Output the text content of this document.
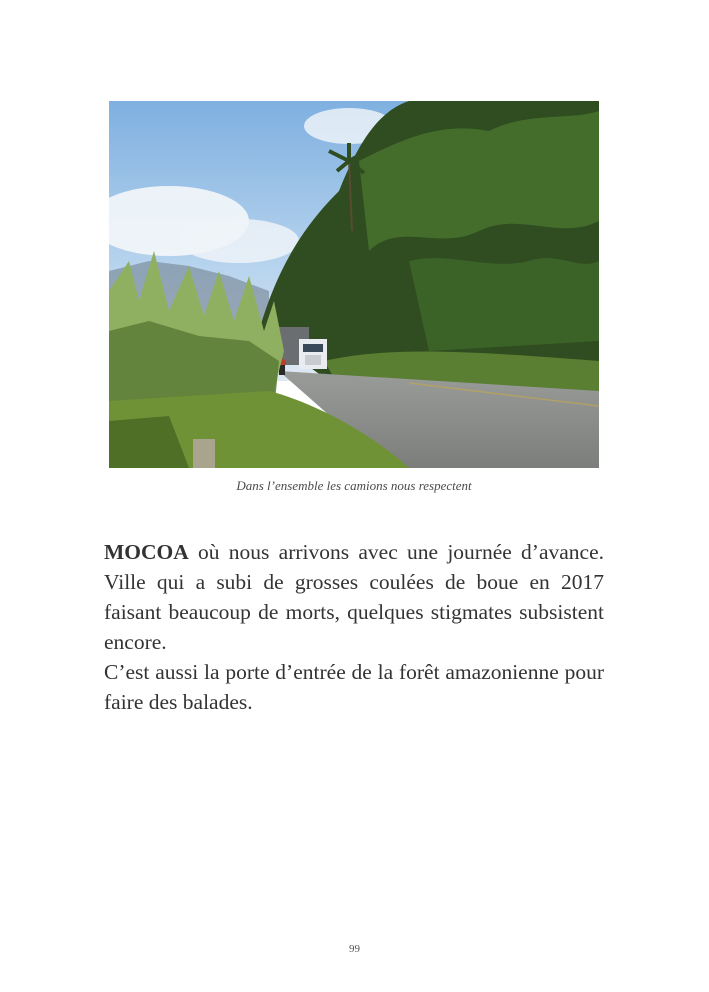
Dans l’ensemble les camions nous respectent

MOCOA où nous arrivons avec une journée d’avance. Ville qui a subi de grosses coulées de boue en 2017 faisant beaucoup de morts, quelques stigmates subsistent encore.

C’est aussi la porte d’entrée de la forêt amazonienne pour faire des balades.

99
